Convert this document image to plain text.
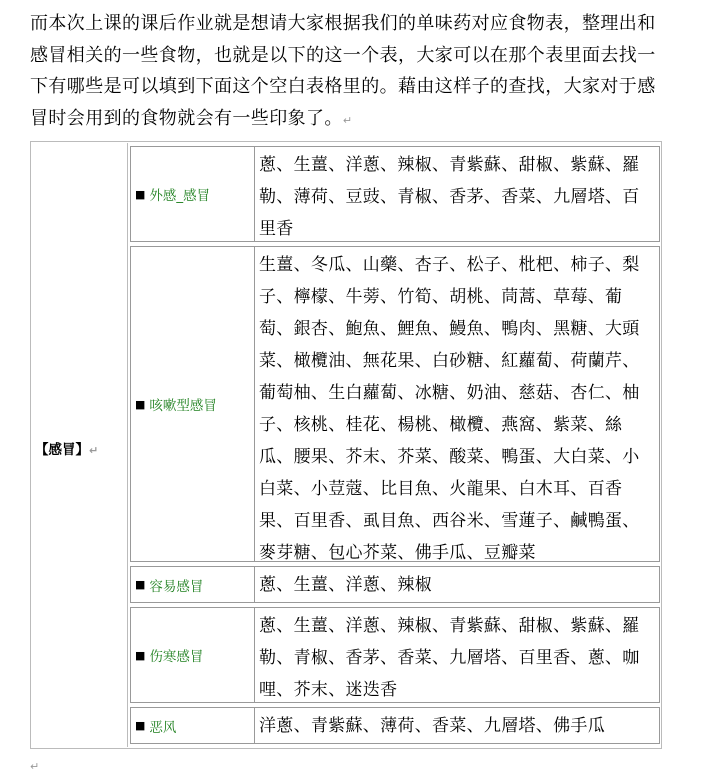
而本次上课的课后作业就是想请大家根据我们的单味药对应食物表，整理出和感冒相关的一些食物，也就是以下的这一个表，大家可以在那个表里面去找一下有哪些是可以填到下面这个空白表格里的。藉由这样子的查找，大家对于感冒时会用到的食物就会有一些印象了。↵
【感冒】↵
■ 外感_感冒
蔥、生薑、洋蔥、辣椒、青紫蘇、甜椒、紫蘇、羅勒、薄荷、豆豉、青椒、香茅、香菜、九層塔、百里香
■ 咳嗽型感冒
生薑、冬瓜、山藥、杏子、松子、枇杷、柿子、梨子、檸檬、牛蒡、竹筍、胡桃、茼蒿、草莓、葡萄、銀杏、鮑魚、鯉魚、鰻魚、鴨肉、黑糖、大頭菜、橄欖油、無花果、白砂糖、紅蘿蔔、荷蘭芹、葡萄柚、生白蘿蔔、冰糖、奶油、慈菇、杏仁、柚子、核桃、桂花、楊桃、橄欖、燕窩、紫菜、絲瓜、腰果、芥末、芥菜、酸菜、鴨蛋、大白菜、小白菜、小荳蔻、比目魚、火龍果、白木耳、百香果、百里香、虱目魚、西谷米、雪蓮子、鹹鴨蛋、麥芽糖、包心芥菜、佛手瓜、豆瓣菜
■ 容易感冒	蔥、生薑、洋蔥、辣椒
■ 伤寒感冒
蔥、生薑、洋蔥、辣椒、青紫蘇、甜椒、紫蘇、羅勒、青椒、香茅、香菜、九層塔、百里香、蔥、咖哩、芥末、迷迭香
■ 恶风	洋蔥、青紫蘇、薄荷、香菜、九層塔、佛手瓜
↵
